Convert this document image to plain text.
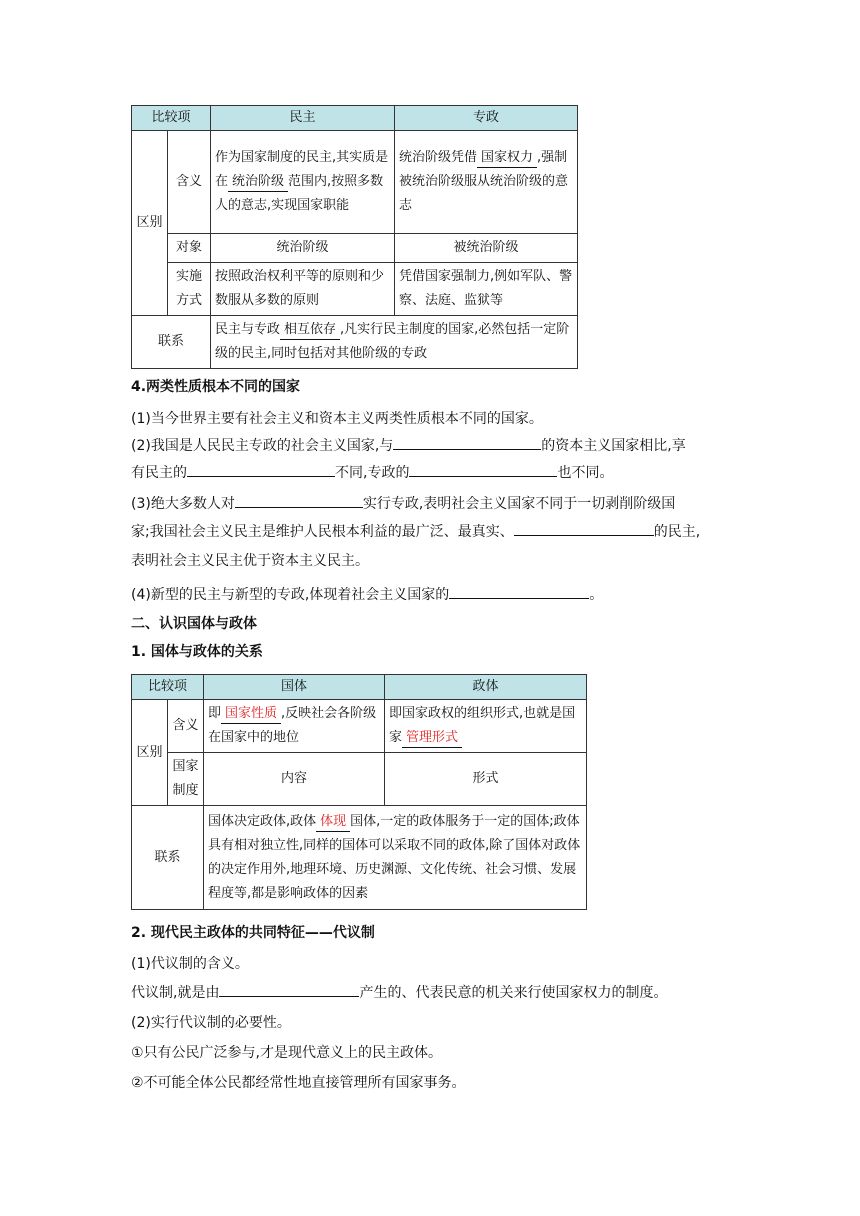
比较项		民主	专政
区别	含义	作为国家制度的民主,其实质是在 统治阶级 范围内,按照多数人的意志,实现国家职能	统治阶级凭借 国家权力 ,强制被统治阶级服从统治阶级的意志
	对象	统治阶级	被统治阶级
	实施方式	按照政治权利平等的原则和少数服从多数的原则	凭借国家强制力,例如军队、警察、法庭、监狱等
联系		民主与专政 相互依存 ,凡实行民主制度的国家,必然包括一定阶级的民主,同时包括对其他阶级的专政	

4.两类性质根本不同的国家

(1)当今世界主要有社会主义和资本主义两类性质根本不同的国家。

(2)我国是人民民主专政的社会主义国家,与	的资本主义国家相比,享

有民主的	不同,专政的	也不同。

(3)绝大多数人对	实行专政,表明社会主义国家不同于一切剥削阶级国

家;我国社会主义民主是维护人民根本利益的最广泛、最真实、	的民主,

表明社会主义民主优于资本主义民主。

(4)新型的民主与新型的专政,体现着社会主义国家的	。

二、认识国体与政体

1. 国体与政体的关系

比较项		国体	政体
区别	含义	即 国家性质 ,反映社会各阶级在国家中的地位	即国家政权的组织形式,也就是国家 管理形式
	国家制度	内容	形式
联系		国体决定政体,政体 体现 国体,一定的政体服务于一定的国体;政体具有相对独立性,同样的国体可以采取不同的政体,除了国体对政体的决定作用外,地理环境、历史渊源、文化传统、社会习惯、发展程度等,都是影响政体的因素	

2. 现代民主政体的共同特征——代议制

(1)代议制的含义。

代议制,就是由	产生的、代表民意的机关来行使国家权力的制度。

(2)实行代议制的必要性。

①只有公民广泛参与,才是现代意义上的民主政体。

②不可能全体公民都经常性地直接管理所有国家事务。
